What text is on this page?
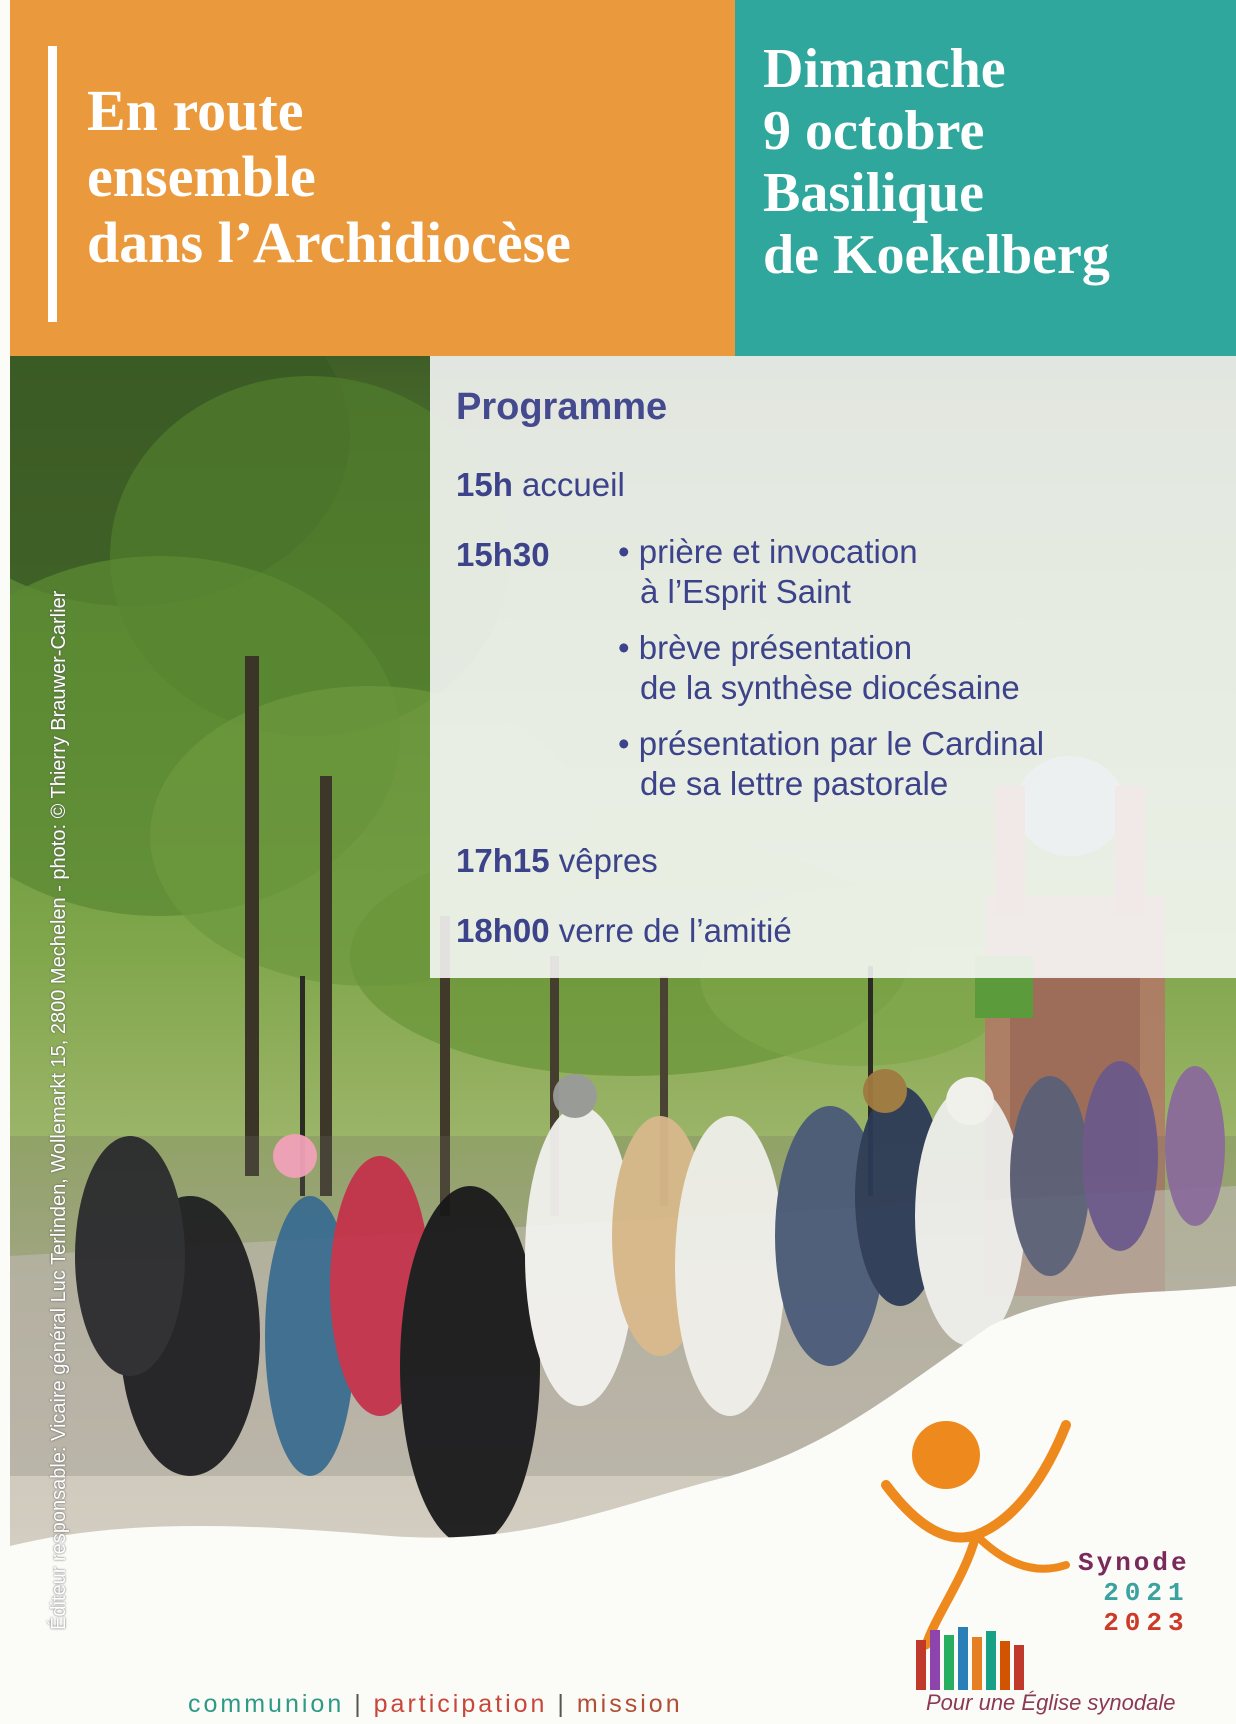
En route
ensemble
dans l’Archidiocèse
Dimanche
9 octobre
Basilique
de Koekelberg
Éditeur responsable: Vicaire général Luc Terlinden, Wollemarkt 15, 2800 Mechelen - photo: © Thierry Brauwer-Carlier
Programme
15h accueil
15h30 • prière et invocation
à l’Esprit Saint
• brève présentation
de la synthèse diocésaine
• présentation par le Cardinal
de sa lettre pastorale
17h15 vêpres
18h00 verre de l’amitié
communion | participation | mission
Synode
2021
2023
Pour une Église synodale
